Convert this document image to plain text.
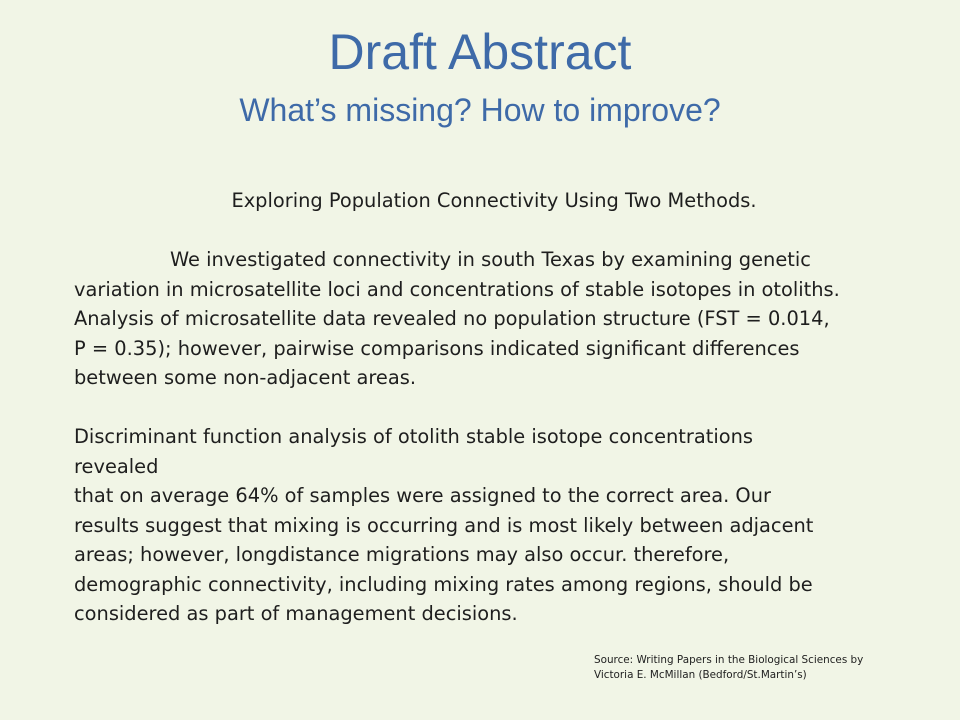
Draft Abstract
What’s missing? How to improve?

Exploring Population Connectivity Using Two Methods.

We investigated connectivity in south Texas by examining genetic

variation in microsatellite loci and concentrations of stable isotopes in otoliths.

Analysis of microsatellite data revealed no population structure (FST = 0.014,

P = 0.35); however, pairwise comparisons indicated significant differences

between some non-adjacent areas.

Discriminant function analysis of otolith stable isotope concentrations

revealed

that on average 64% of samples were assigned to the correct area. Our

results suggest that mixing is occurring and is most likely between adjacent

areas; however, longdistance migrations may also occur. therefore,

demographic connectivity, including mixing rates among regions, should be

considered as part of management decisions.

Source: Writing Papers in the Biological Sciences by
Victoria E. McMillan (Bedford/St.Martin’s)
